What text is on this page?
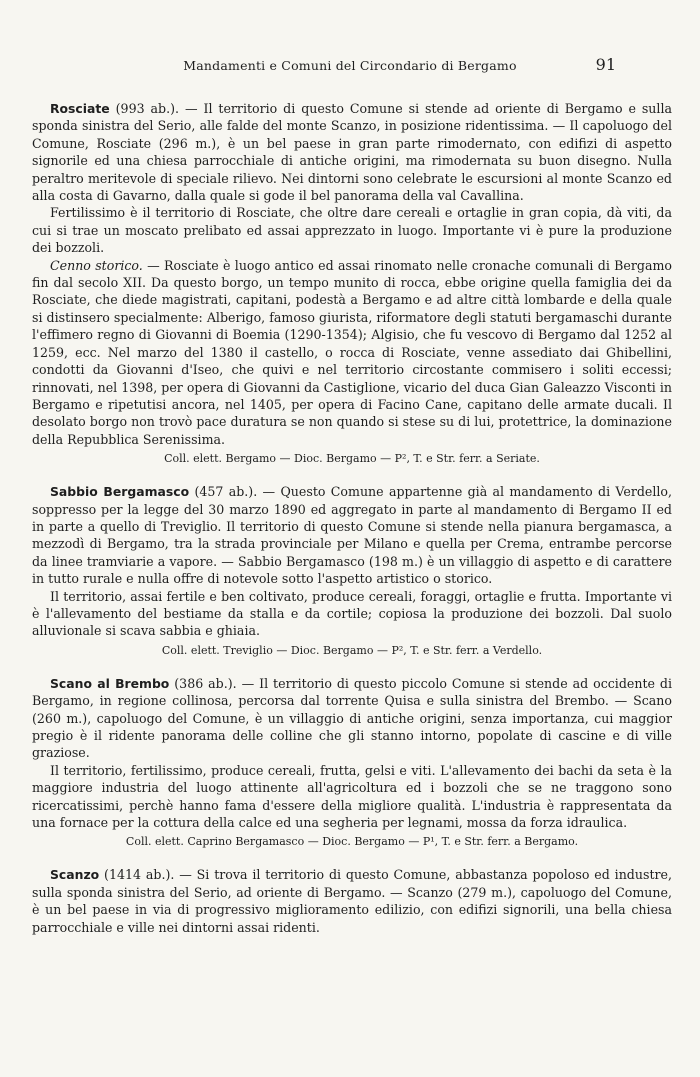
Mandamenti e Comuni del Circondario di Bergamo	91

Rosciate (993 ab.). — Il territorio di questo Comune si stende ad oriente di Bergamo e sulla sponda sinistra del Serio, alle falde del monte Scanzo, in posizione ridentissima. — Il capoluogo del Comune, Rosciate (296 m.), è un bel paese in gran parte rimodernato, con edifizi di aspetto signorile ed una chiesa parrocchiale di antiche origini, ma rimodernata su buon disegno. Nulla peraltro meritevole di speciale rilievo. Nei dintorni sono celebrate le escursioni al monte Scanzo ed alla costa di Gavarno, dalla quale si gode il bel panorama della val Cavallina.

Fertilissimo è il territorio di Rosciate, che oltre dare cereali e ortaglie in gran copia, dà viti, da cui si trae un moscato prelibato ed assai apprezzato in luogo. Importante vi è pure la produzione dei bozzoli.

Cenno storico. — Rosciate è luogo antico ed assai rinomato nelle cronache comunali di Bergamo fin dal secolo XII. Da questo borgo, un tempo munito di rocca, ebbe origine quella famiglia dei da Rosciate, che diede magistrati, capitani, podestà a Bergamo e ad altre città lombarde e della quale si distinsero specialmente: Alberigo, famoso giurista, riformatore degli statuti bergamaschi durante l'effimero regno di Giovanni di Boemia (1290-1354); Algisio, che fu vescovo di Bergamo dal 1252 al 1259, ecc. Nel marzo del 1380 il castello, o rocca di Rosciate, venne assediato dai Ghibellini, condotti da Giovanni d'Iseo, che quivi e nel territorio circostante commisero i soliti eccessi; rinnovati, nel 1398, per opera di Giovanni da Castiglione, vicario del duca Gian Galeazzo Visconti in Bergamo e ripetutisi ancora, nel 1405, per opera di Facino Cane, capitano delle armate ducali. Il desolato borgo non trovò pace duratura se non quando si stese su di lui, protettrice, la dominazione della Repubblica Serenissima.

Coll. elett. Bergamo — Dioc. Bergamo — P², T. e Str. ferr. a Seriate.

Sabbio Bergamasco (457 ab.). — Questo Comune appartenne già al mandamento di Verdello, soppresso per la legge del 30 marzo 1890 ed aggregato in parte al mandamento di Bergamo II ed in parte a quello di Treviglio. Il territorio di questo Comune si stende nella pianura bergamasca, a mezzodì di Bergamo, tra la strada provinciale per Milano e quella per Crema, entrambe percorse da linee tramviarie a vapore. — Sabbio Bergamasco (198 m.) è un villaggio di aspetto e di carattere in tutto rurale e nulla offre di notevole sotto l'aspetto artistico o storico.

Il territorio, assai fertile e ben coltivato, produce cereali, foraggi, ortaglie e frutta. Importante vi è l'allevamento del bestiame da stalla e da cortile; copiosa la produzione dei bozzoli. Dal suolo alluvionale si scava sabbia e ghiaia.

Coll. elett. Treviglio — Dioc. Bergamo — P², T. e Str. ferr. a Verdello.

Scano al Brembo (386 ab.). — Il territorio di questo piccolo Comune si stende ad occidente di Bergamo, in regione collinosa, percorsa dal torrente Quisa e sulla sinistra del Brembo. — Scano (260 m.), capoluogo del Comune, è un villaggio di antiche origini, senza importanza, cui maggior pregio è il ridente panorama delle colline che gli stanno intorno, popolate di cascine e di ville graziose.

Il territorio, fertilissimo, produce cereali, frutta, gelsi e viti. L'allevamento dei bachi da seta è la maggiore industria del luogo attinente all'agricoltura ed i bozzoli che se ne traggono sono ricercatissimi, perchè hanno fama d'essere della migliore qualità. L'industria è rappresentata da una fornace per la cottura della calce ed una segheria per legnami, mossa da forza idraulica.

Coll. elett. Caprino Bergamasco — Dioc. Bergamo — P¹, T. e Str. ferr. a Bergamo.

Scanzo (1414 ab.). — Si trova il territorio di questo Comune, abbastanza popoloso ed industre, sulla sponda sinistra del Serio, ad oriente di Bergamo. — Scanzo (279 m.), capoluogo del Comune, è un bel paese in via di progressivo miglioramento edilizio, con edifizi signorili, una bella chiesa parrocchiale e ville nei dintorni assai ridenti.
